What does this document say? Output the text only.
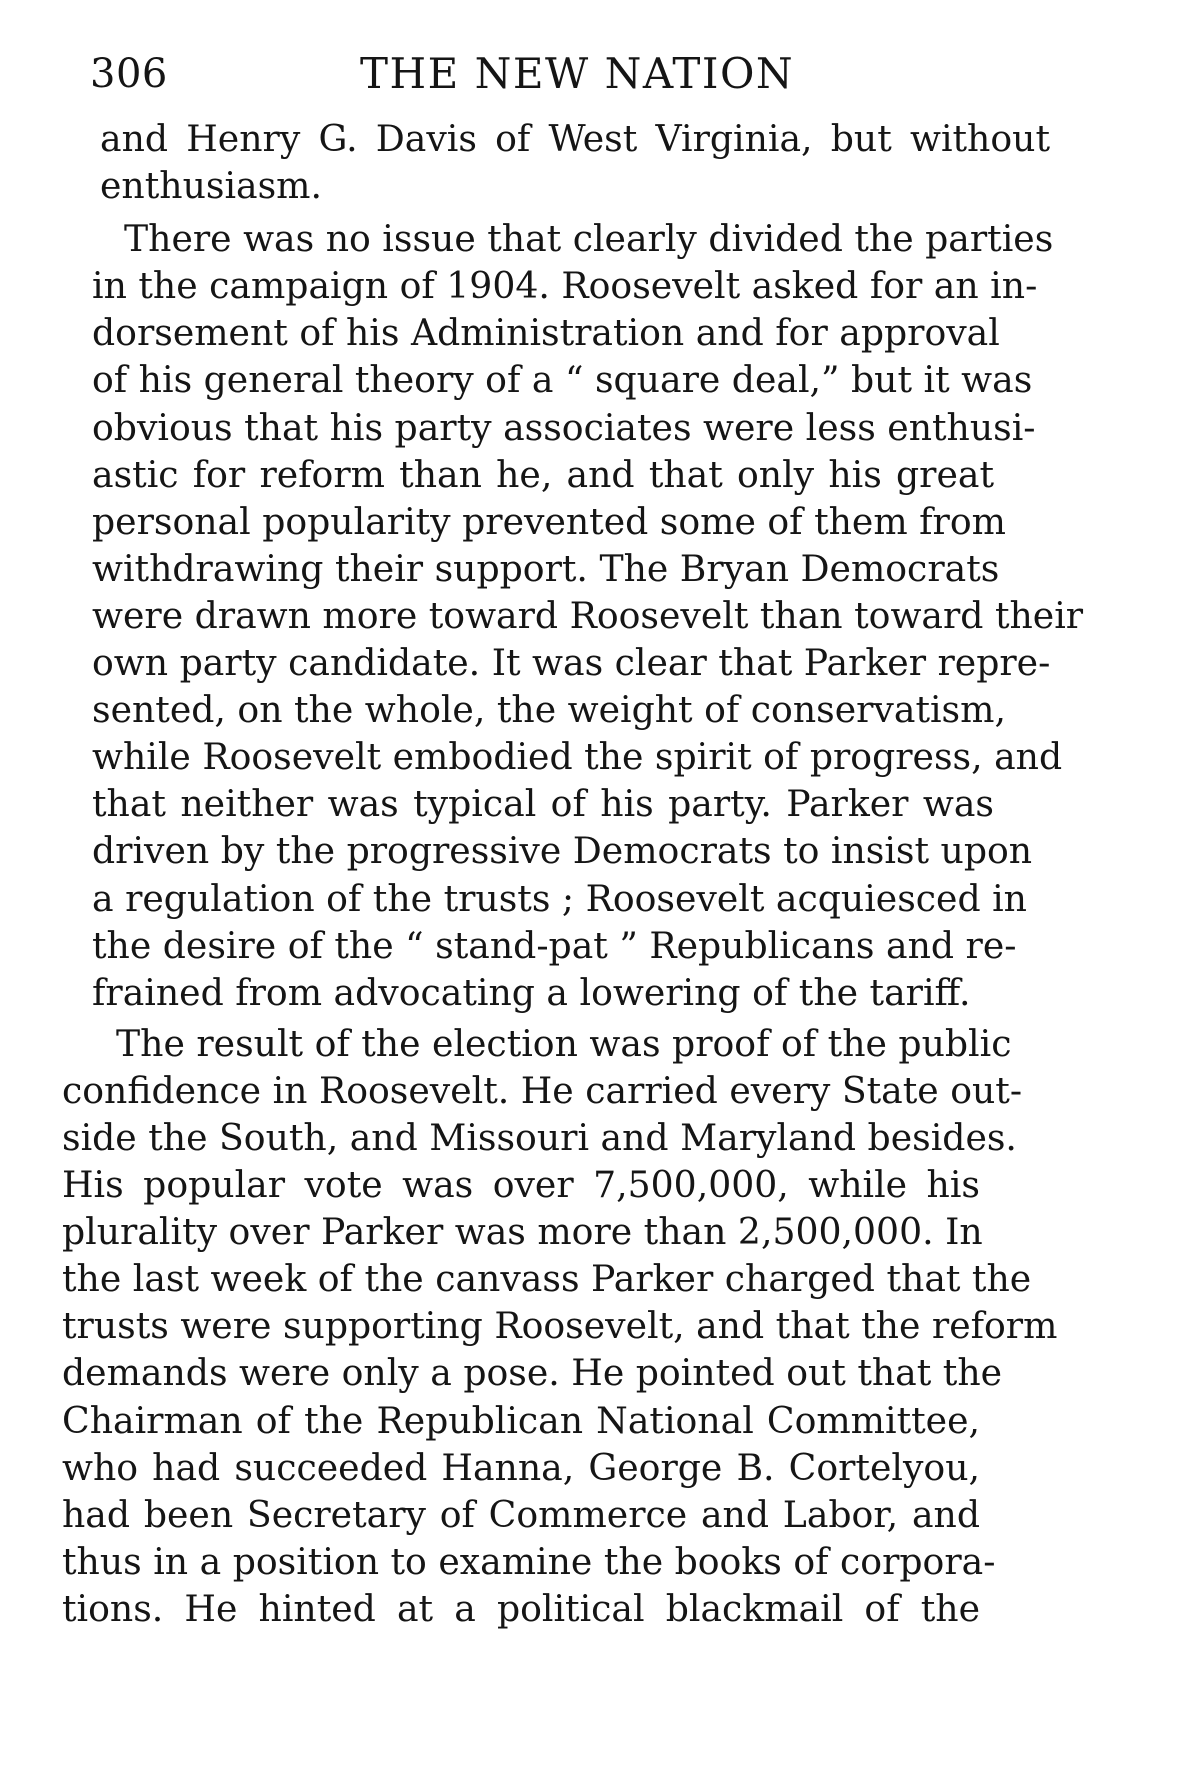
306	THE NEW NATION
and Henry G. Davis of West Virginia, but without
enthusiasm.
There was no issue that clearly divided the parties
in the campaign of 1904. Roosevelt asked for an in-
dorsement of his Administration and for approval
of his general theory of a “ square deal,” but it was
obvious that his party associates were less enthusi-
astic for reform than he, and that only his great
personal popularity prevented some of them from
withdrawing their support. The Bryan Democrats
were drawn more toward Roosevelt than toward their
own party candidate. It was clear that Parker repre-
sented, on the whole, the weight of conservatism,
while Roosevelt embodied the spirit of progress, and
that neither was typical of his party. Parker was
driven by the progressive Democrats to insist upon
a regulation of the trusts ; Roosevelt acquiesced in
the desire of the “ stand-pat ” Republicans and re-
frained from advocating a lowering of the tariff.
The result of the election was proof of the public
confidence in Roosevelt. He carried every State out-
side the South, and Missouri and Maryland besides.
His popular vote was over 7,500,000, while his
plurality over Parker was more than 2,500,000. In
the last week of the canvass Parker charged that the
trusts were supporting Roosevelt, and that the reform
demands were only a pose. He pointed out that the
Chairman of the Republican National Committee,
who had succeeded Hanna, George B. Cortelyou,
had been Secretary of Commerce and Labor, and
thus in a position to examine the books of corpora-
tions. He hinted at a political blackmail of the
